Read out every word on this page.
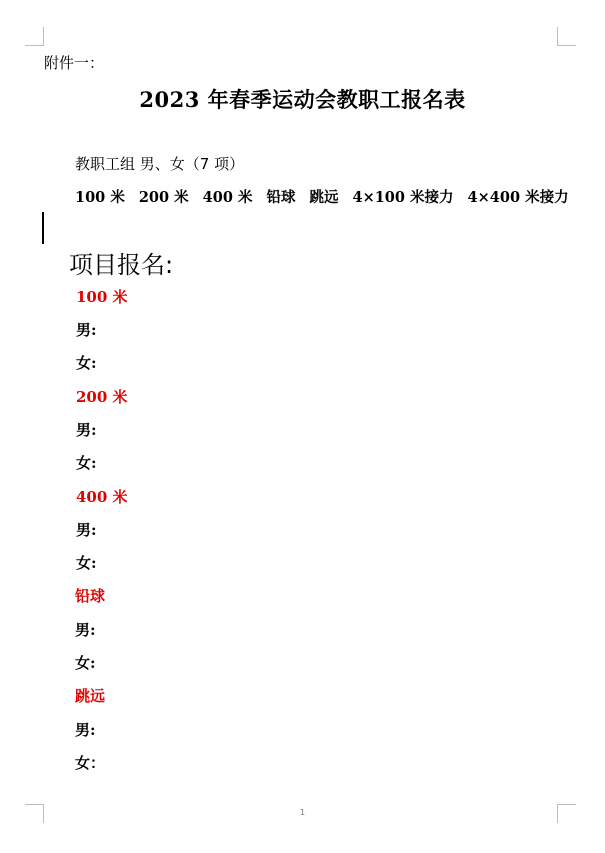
附件一：
2023 年春季运动会教职工报名表
教职工组 男、女（7 项）
100 米 200 米 400 米 铅球 跳远 4×100 米接力 4×400 米接力
项目报名:
100 米
男:
女:
200 米
男:
女:
400 米
男:
女:
铅球
男:
女:
跳远
男:
女：
1
